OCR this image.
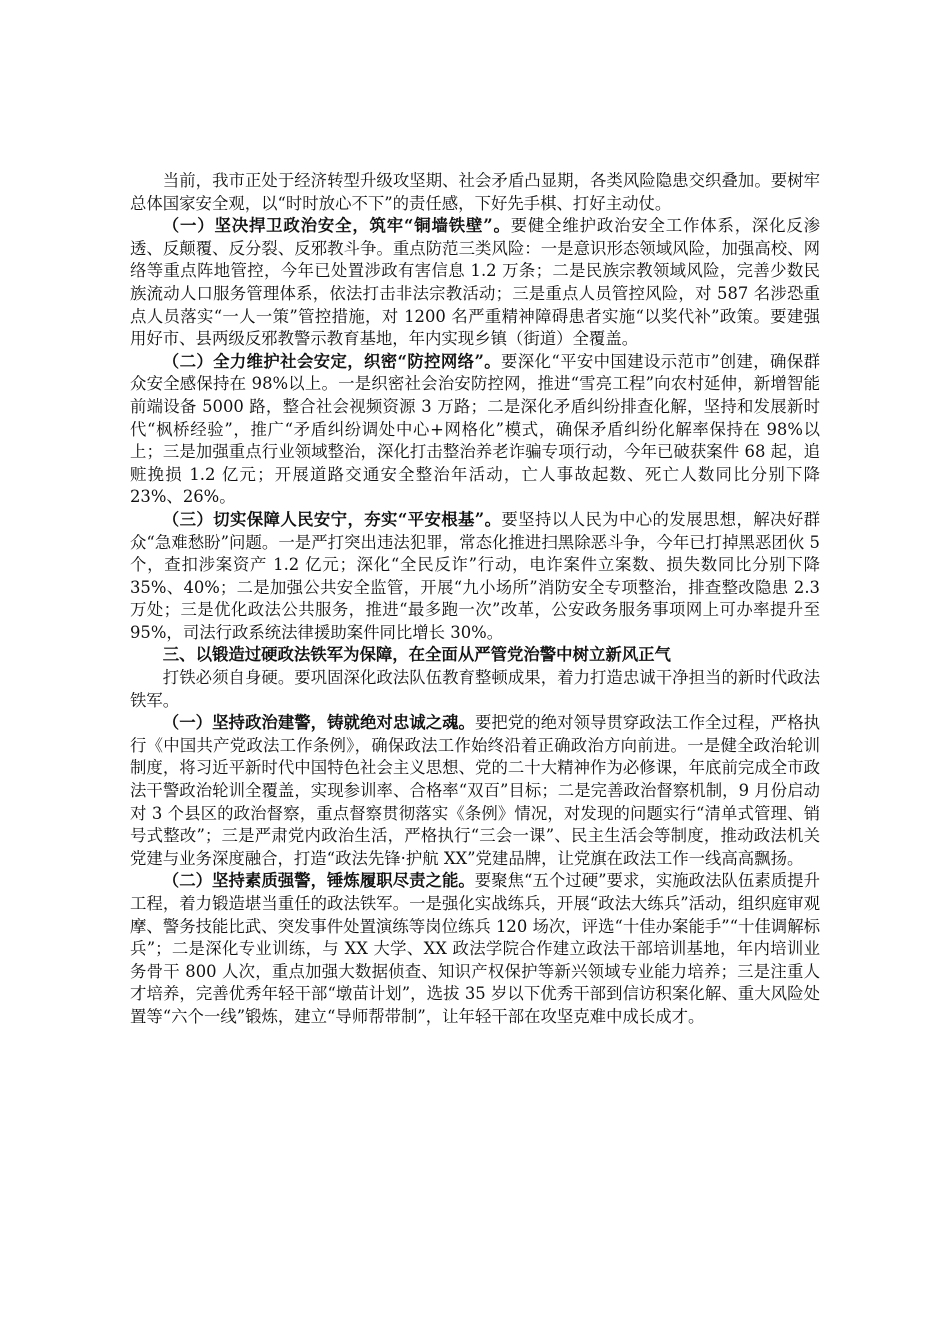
当前，我市正处于经济转型升级攻坚期、社会矛盾凸显期，各类风险隐患交织叠加。要树牢总体国家安全观，以“时时放心不下”的责任感，下好先手棋、打好主动仗。

（一）坚决捍卫政治安全，筑牢“铜墙铁壁”。要健全维护政治安全工作体系，深化反渗透、反颠覆、反分裂、反邪教斗争。重点防范三类风险：一是意识形态领域风险，加强高校、网络等重点阵地管控，今年已处置涉政有害信息 1.2 万条；二是民族宗教领域风险，完善少数民族流动人口服务管理体系，依法打击非法宗教活动；三是重点人员管控风险，对 587 名涉恐重点人员落实“一人一策”管控措施，对 1200 名严重精神障碍患者实施“以奖代补”政策。要建强用好市、县两级反邪教警示教育基地，年内实现乡镇（街道）全覆盖。

（二）全力维护社会安定，织密“防控网络”。要深化“平安中国建设示范市”创建，确保群众安全感保持在 98%以上。一是织密社会治安防控网，推进“雪亮工程”向农村延伸，新增智能前端设备 5000 路，整合社会视频资源 3 万路；二是深化矛盾纠纷排查化解，坚持和发展新时代“枫桥经验”，推广“矛盾纠纷调处中心+网格化”模式，确保矛盾纠纷化解率保持在 98%以上；三是加强重点行业领域整治，深化打击整治养老诈骗专项行动，今年已破获案件 68 起，追赃挽损 1.2 亿元；开展道路交通安全整治年活动，亡人事故起数、死亡人数同比分别下降 23%、26%。

（三）切实保障人民安宁，夯实“平安根基”。要坚持以人民为中心的发展思想，解决好群众“急难愁盼”问题。一是严打突出违法犯罪，常态化推进扫黑除恶斗争，今年已打掉黑恶团伙 5 个，查扣涉案资产 1.2 亿元；深化“全民反诈”行动，电诈案件立案数、损失数同比分别下降 35%、40%；二是加强公共安全监管，开展“九小场所”消防安全专项整治，排查整改隐患 2.3 万处；三是优化政法公共服务，推进“最多跑一次”改革，公安政务服务事项网上可办率提升至 95%，司法行政系统法律援助案件同比增长 30%。

三、以锻造过硬政法铁军为保障，在全面从严管党治警中树立新风正气

打铁必须自身硬。要巩固深化政法队伍教育整顿成果，着力打造忠诚干净担当的新时代政法铁军。

（一）坚持政治建警，铸就绝对忠诚之魂。要把党的绝对领导贯穿政法工作全过程，严格执行《中国共产党政法工作条例》，确保政法工作始终沿着正确政治方向前进。一是健全政治轮训制度，将习近平新时代中国特色社会主义思想、党的二十大精神作为必修课，年底前完成全市政法干警政治轮训全覆盖，实现参训率、合格率“双百”目标；二是完善政治督察机制，9 月份启动对 3 个县区的政治督察，重点督察贯彻落实《条例》情况，对发现的问题实行“清单式管理、销号式整改”；三是严肃党内政治生活，严格执行“三会一课”、民主生活会等制度，推动政法机关党建与业务深度融合，打造“政法先锋·护航 XX”党建品牌，让党旗在政法工作一线高高飘扬。

（二）坚持素质强警，锤炼履职尽责之能。要聚焦“五个过硬”要求，实施政法队伍素质提升工程，着力锻造堪当重任的政法铁军。一是强化实战练兵，开展“政法大练兵”活动，组织庭审观摩、警务技能比武、突发事件处置演练等岗位练兵 120 场次，评选“十佳办案能手”“十佳调解标兵”；二是深化专业训练，与 XX 大学、XX 政法学院合作建立政法干部培训基地，年内培训业务骨干 800 人次，重点加强大数据侦查、知识产权保护等新兴领域专业能力培养；三是注重人才培养，完善优秀年轻干部“墩苗计划”，选拔 35 岁以下优秀干部到信访积案化解、重大风险处置等“六个一线”锻炼，建立“导师帮带制”，让年轻干部在攻坚克难中成长成才。
